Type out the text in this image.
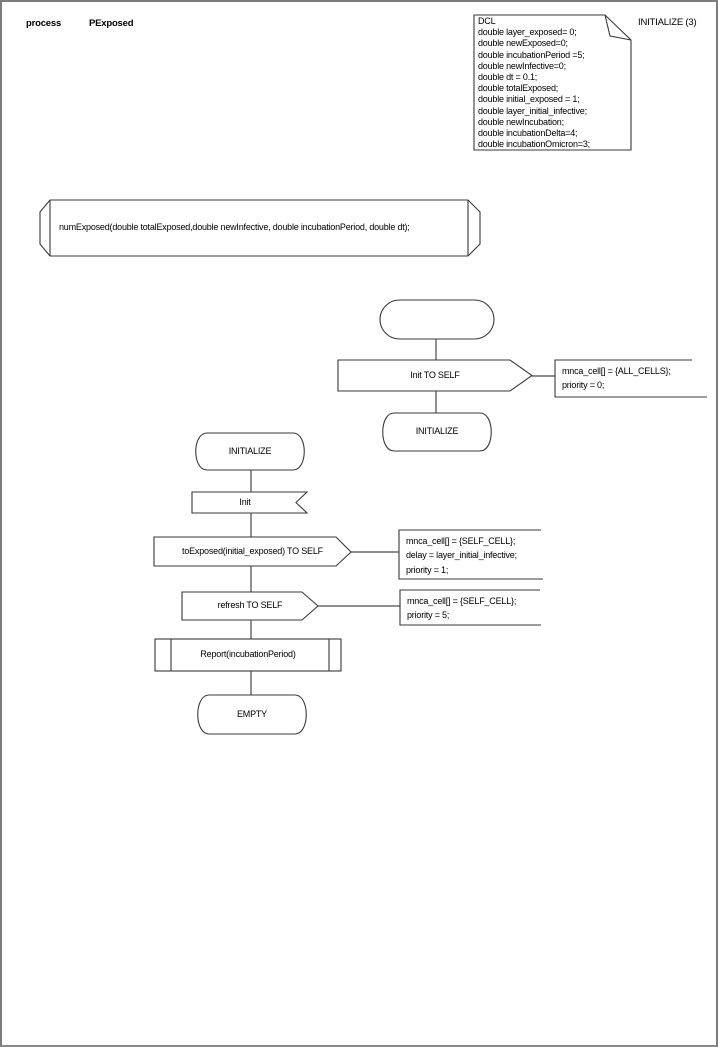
process	PExposed	INITIALIZE (3)
DCL
double layer_exposed= 0;
double newExposed=0;
double incubationPeriod =5;
double newInfective=0;
double dt = 0.1;
double totalExposed;
double initial_exposed = 1;
double layer_initial_infective;
double newIncubation;
double incubationDelta=4;
double incubationOmicron=3;
numExposed(double totalExposed,double newInfective, double incubationPeriod, double dt);
Init TO SELF	mnca_cell[] = {ALL_CELLS};
priority = 0;
INITIALIZE
INITIALIZE
Init
toExposed(initial_exposed) TO SELF
mnca_cell[] = {SELF_CELL};
delay = layer_initial_infective;
priority = 1;
refresh TO SELF	mnca_cell[] = {SELF_CELL};
priority = 5;
Report(incubationPeriod)
EMPTY
